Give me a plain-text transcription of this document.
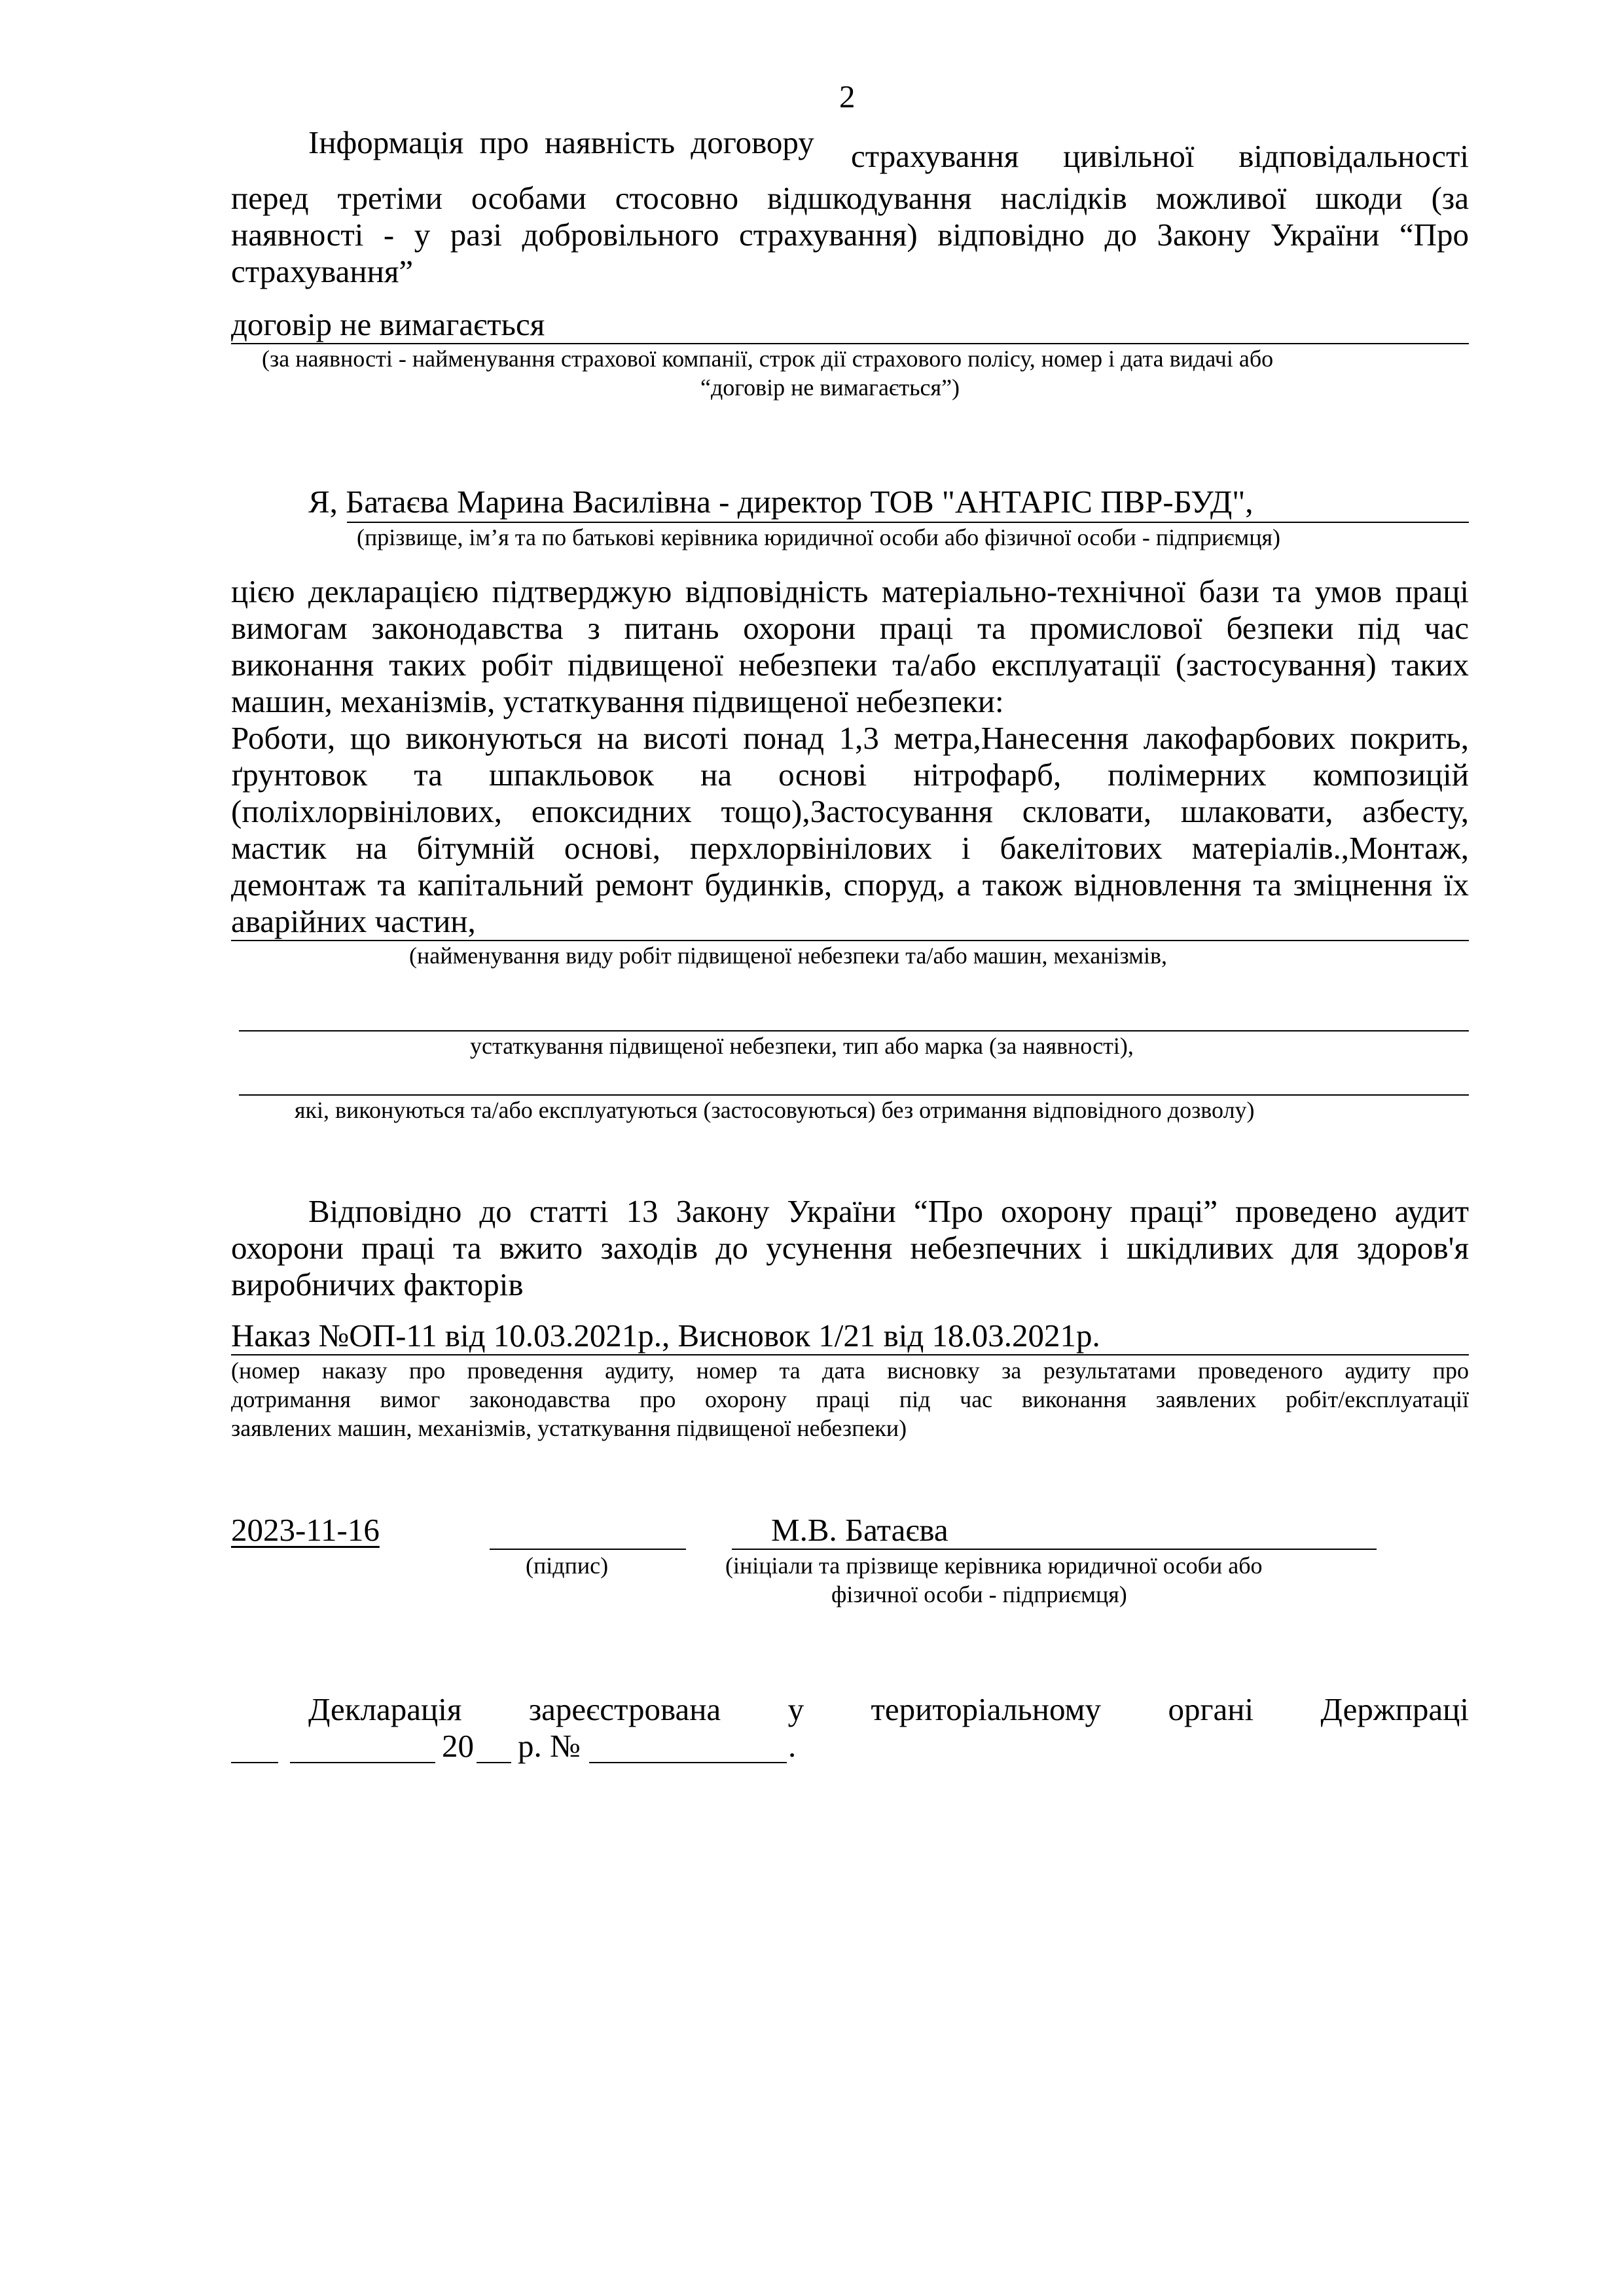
2
Інформація про наявність договору страхування цивільної відповідальності
перед третіми особами стосовно відшкодування наслідків можливої шкоди (за
наявності - у разі добровільного страхування) відповідно до Закону України “Про
страхування”
договір не вимагається
(за наявності - найменування страхової компанії, строк дії страхового полісу, номер і дата видачі або
“договір не вимагається”)
Я, Батаєва Марина Василівна - директор ТОВ "АНТАРІС ПВР-БУД",
(прізвище, ім’я та по батькові керівника юридичної особи або фізичної особи - підприємця)
цією декларацією підтверджую відповідність матеріально-технічної бази та умов праці
вимогам законодавства з питань охорони праці та промислової безпеки під час
виконання таких робіт підвищеної небезпеки та/або експлуатації (застосування) таких
машин, механізмів, устаткування підвищеної небезпеки:
Роботи, що виконуються на висоті понад 1,3 метра,Нанесення лакофарбових покрить,
ґрунтовок та шпакльовок на основі нітрофарб, полімерних композицій
(поліхлорвінілових, епоксидних тощо),Застосування скловати, шлаковати, азбесту,
мастик на бітумній основі, перхлорвінілових і бакелітових матеріалів.,Монтаж,
демонтаж та капітальний ремонт будинків, споруд, а також відновлення та зміцнення їх
аварійних частин,
(найменування виду робіт підвищеної небезпеки та/або машин, механізмів,
устаткування підвищеної небезпеки, тип або марка (за наявності),
які, виконуються та/або експлуатуються (застосовуються) без отримання відповідного дозволу)
Відповідно до статті 13 Закону України “Про охорону праці” проведено аудит
охорони праці та вжито заходів до усунення небезпечних і шкідливих для здоров'я
виробничих факторів
Наказ №ОП-11 від 10.03.2021р., Висновок 1/21 від 18.03.2021р.
(номер наказу про проведення аудиту, номер та дата висновку за результатами проведеного аудиту про
дотримання вимог законодавства про охорону праці під час виконання заявлених робіт/експлуатації
заявлених машин, механізмів, устаткування підвищеної небезпеки)
2023-11-16
(підпис)
М.В. Батаєва
(ініціали та прізвище керівника юридичної особи або
фізичної особи - підприємця)
Декларація зареєстрована у територіальному органі Держпраці
20 р. №	.
